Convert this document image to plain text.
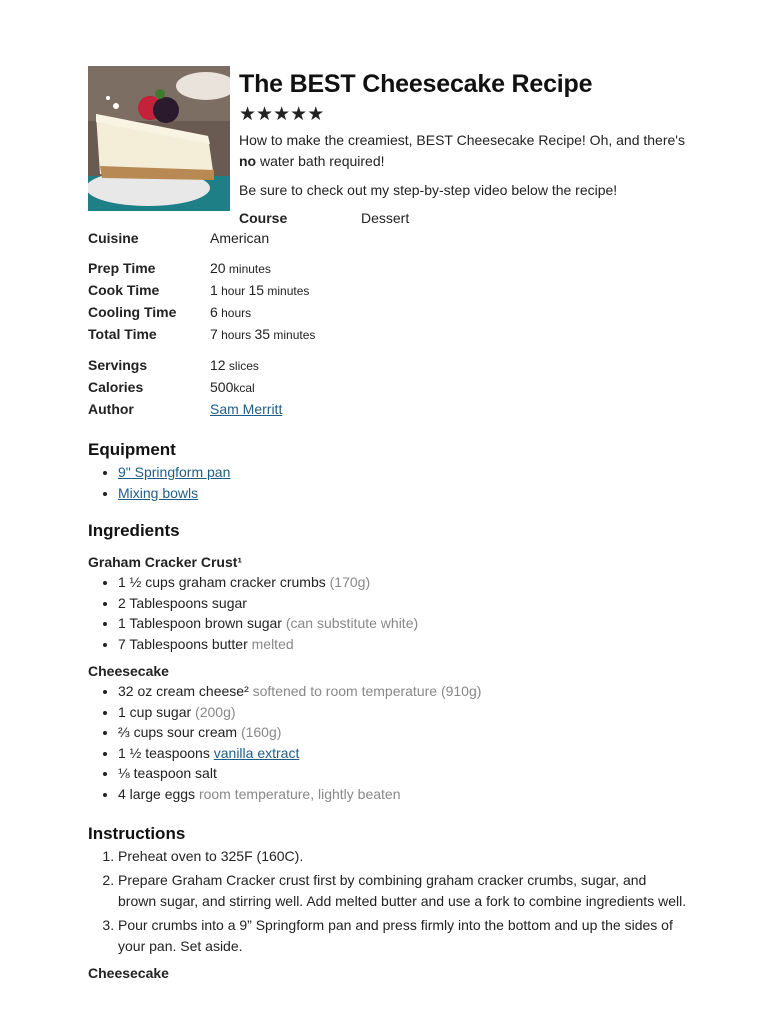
The BEST Cheesecake Recipe
★ ★ ★ ★ ★
How to make the creamiest, BEST Cheesecake Recipe! Oh, and there's no water bath required!
Be sure to check out my step-by-step video below the recipe!
Course	Dessert
Cuisine	American
Prep Time	20 minutes
Cook Time	1 hour 15 minutes
Cooling Time	6 hours
Total Time	7 hours 35 minutes
Servings	12 slices
Calories	500kcal
Author	Sam Merritt
Equipment
• 9" Springform pan
• Mixing bowls
Ingredients
Graham Cracker Crust¹
• 1 ½ cups graham cracker crumbs (170g)
• 2 Tablespoons sugar
• 1 Tablespoon brown sugar (can substitute white)
• 7 Tablespoons butter melted
Cheesecake
• 32 oz cream cheese² softened to room temperature (910g)
• 1 cup sugar (200g)
• ⅔ cups sour cream (160g)
• 1 ½ teaspoons vanilla extract
• ⅛ teaspoon salt
• 4 large eggs room temperature, lightly beaten
Instructions
1. Preheat oven to 325F (160C).
2. Prepare Graham Cracker crust first by combining graham cracker crumbs, sugar, and brown sugar, and stirring well. Add melted butter and use a fork to combine ingredients well.
3. Pour crumbs into a 9” Springform pan and press firmly into the bottom and up the sides of your pan. Set aside.
Cheesecake
